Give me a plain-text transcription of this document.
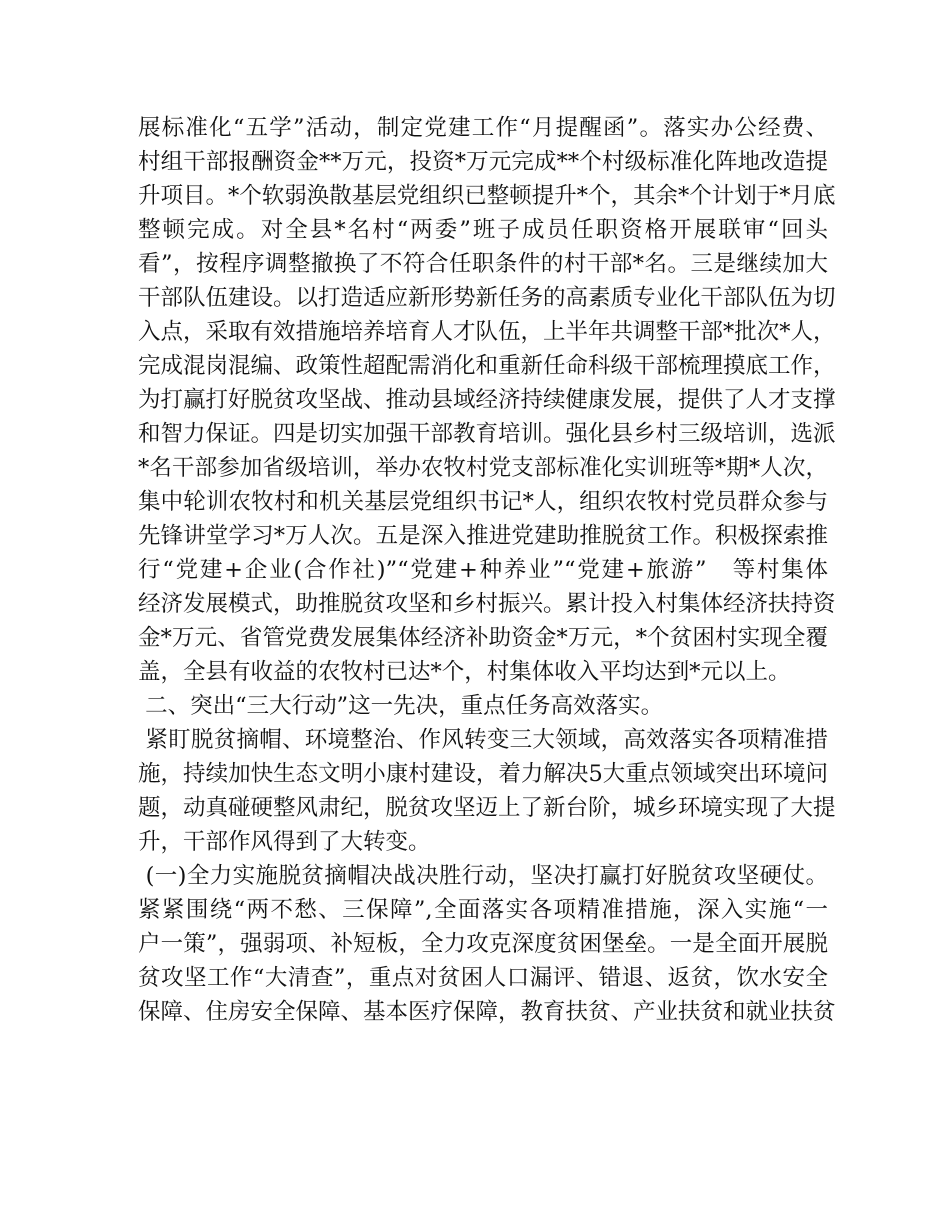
展标准化“五学”活动，制定党建工作“月提醒函”。落实办公经费、
村组干部报酬资金**万元，投资*万元完成**个村级标准化阵地改造提
升项目。*个软弱涣散基层党组织已整顿提升*个，其余*个计划于*月底
整顿完成。对全县*名村“两委”班子成员任职资格开展联审“回头
看”，按程序调整撤换了不符合任职条件的村干部*名。三是继续加大
干部队伍建设。以打造适应新形势新任务的高素质专业化干部队伍为切
入点，采取有效措施培养培育人才队伍，上半年共调整干部*批次*人，
完成混岗混编、政策性超配需消化和重新任命科级干部梳理摸底工作，
为打赢打好脱贫攻坚战、推动县域经济持续健康发展，提供了人才支撑
和智力保证。四是切实加强干部教育培训。强化县乡村三级培训，选派
*名干部参加省级培训，举办农牧村党支部标准化实训班等*期*人次，
集中轮训农牧村和机关基层党组织书记*人，组织农牧村党员群众参与
先锋讲堂学习*万人次。五是深入推进党建助推脱贫工作。积极探索推
行“党建+企业(合作社)”“党建+种养业”“党建+旅游”　等村集体
经济发展模式，助推脱贫攻坚和乡村振兴。累计投入村集体经济扶持资
金*万元、省管党费发展集体经济补助资金*万元，*个贫困村实现全覆
盖，全县有收益的农牧村已达*个，村集体收入平均达到*元以上。
二、突出“三大行动”这一先决，重点任务高效落实。
紧盯脱贫摘帽、环境整治、作风转变三大领域，高效落实各项精准措
施，持续加快生态文明小康村建设，着力解决5大重点领域突出环境问
题，动真碰硬整风肃纪，脱贫攻坚迈上了新台阶，城乡环境实现了大提
升，干部作风得到了大转变。
(一)全力实施脱贫摘帽决战决胜行动，坚决打赢打好脱贫攻坚硬仗。
紧紧围绕“两不愁、三保障”,全面落实各项精准措施，深入实施“一
户一策”，强弱项、补短板，全力攻克深度贫困堡垒。一是全面开展脱
贫攻坚工作“大清查”，重点对贫困人口漏评、错退、返贫，饮水安全
保障、住房安全保障、基本医疗保障，教育扶贫、产业扶贫和就业扶贫
